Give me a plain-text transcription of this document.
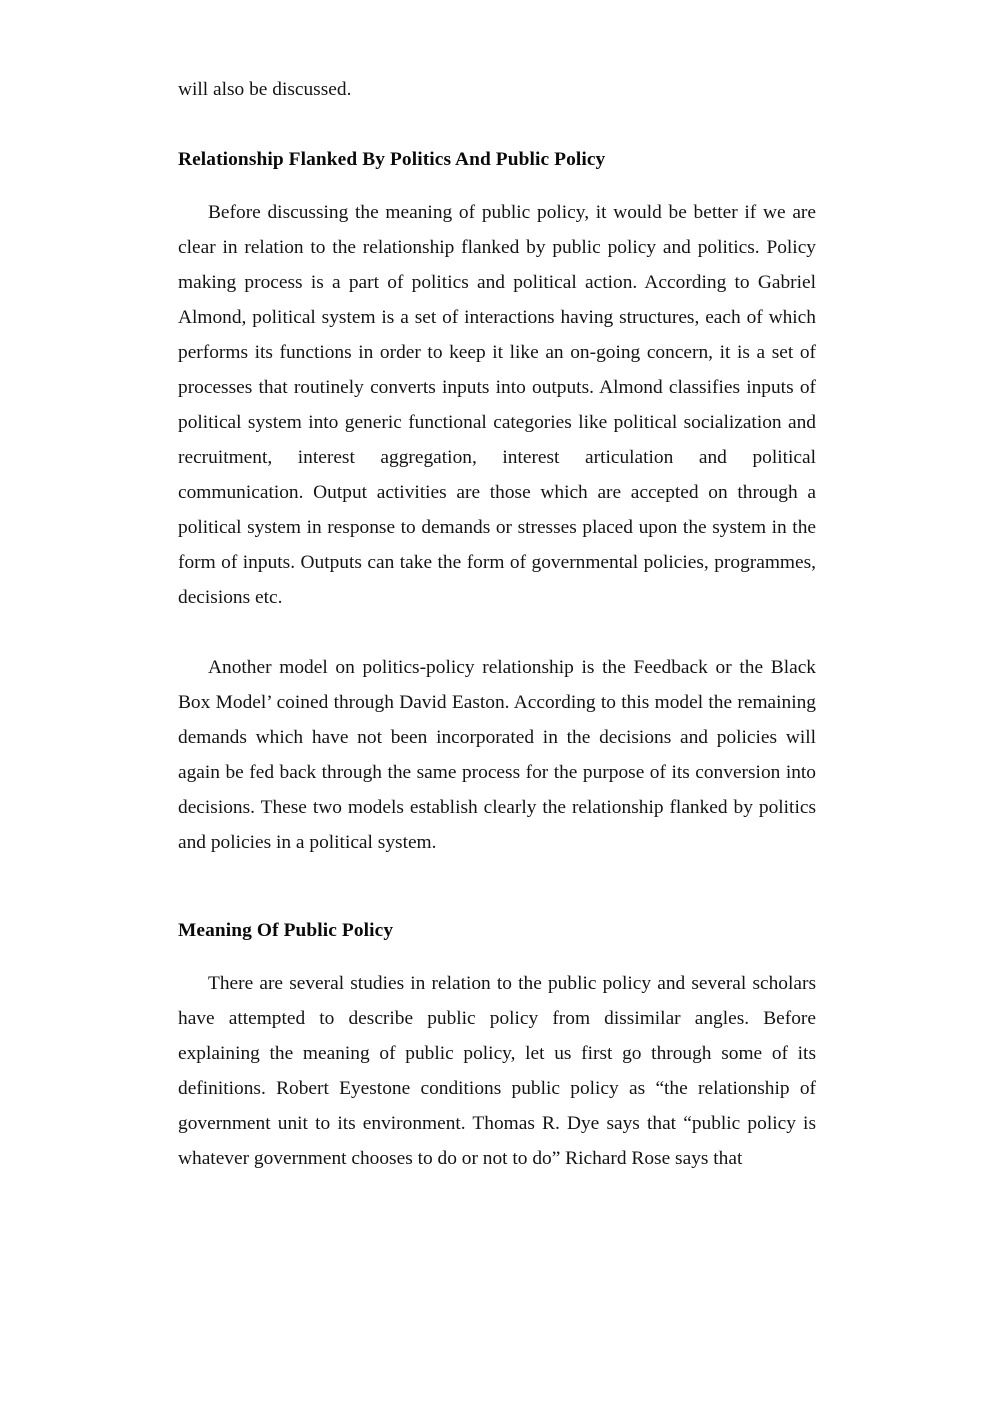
will also be discussed.

Relationship Flanked By Politics And Public Policy

Before discussing the meaning of public policy, it would be better if we are clear in relation to the relationship flanked by public policy and politics. Policy making process is a part of politics and political action. According to Gabriel Almond, political system is a set of interactions having structures, each of which performs its functions in order to keep it like an on-going concern, it is a set of processes that routinely converts inputs into outputs. Almond classifies inputs of political system into generic functional categories like political socialization and recruitment, interest aggregation, interest articulation and political communication. Output activities are those which are accepted on through a political system in response to demands or stresses placed upon the system in the form of inputs. Outputs can take the form of governmental policies, programmes, decisions etc.

Another model on politics-policy relationship is the Feedback or the Black Box Model’ coined through David Easton. According to this model the remaining demands which have not been incorporated in the decisions and policies will again be fed back through the same process for the purpose of its conversion into decisions. These two models establish clearly the relationship flanked by politics and policies in a political system.

Meaning Of Public Policy

There are several studies in relation to the public policy and several scholars have attempted to describe public policy from dissimilar angles. Before explaining the meaning of public policy, let us first go through some of its definitions. Robert Eyestone conditions public policy as “the relationship of government unit to its environment. Thomas R. Dye says that “public policy is whatever government chooses to do or not to do” Richard Rose says that
